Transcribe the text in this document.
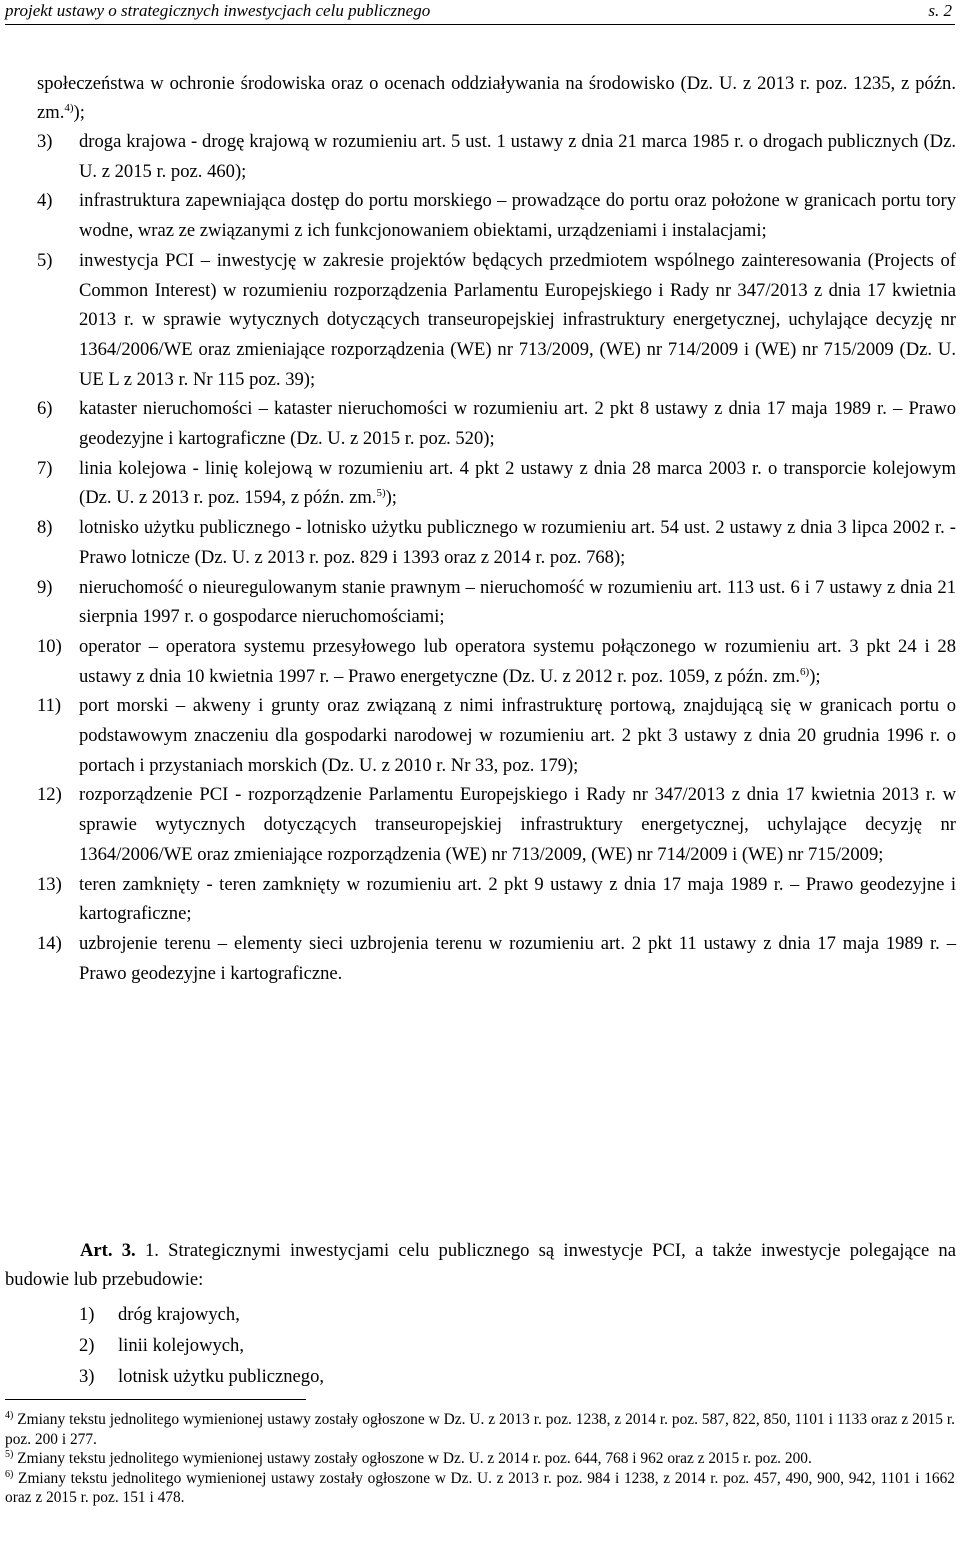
projekt ustawy o strategicznych inwestycjach celu publicznego	s. 2
społeczeństwa w ochronie środowiska oraz o ocenach oddziaływania na środowisko (Dz. U. z 2013 r. poz. 1235, z późn. zm.$^{4)}$);
3)	droga krajowa - drogę krajową w rozumieniu art. 5 ust. 1 ustawy z dnia 21 marca 1985 r. o drogach publicznych (Dz. U. z 2015 r. poz. 460);
4)	infrastruktura zapewniająca dostęp do portu morskiego – prowadzące do portu oraz położone w granicach portu tory wodne, wraz ze związanymi z ich funkcjonowaniem obiektami, urządzeniami i instalacjami;
5)	inwestycja PCI – inwestycję w zakresie projektów będących przedmiotem wspólnego zainteresowania (Projects of Common Interest) w rozumieniu rozporządzenia Parlamentu Europejskiego i Rady nr 347/2013 z dnia 17 kwietnia 2013 r. w sprawie wytycznych dotyczących transeuropejskiej infrastruktury energetycznej, uchylające decyzję nr 1364/2006/WE oraz zmieniające rozporządzenia (WE) nr 713/2009, (WE) nr 714/2009 i (WE) nr 715/2009 (Dz. U. UE L z 2013 r. Nr 115 poz. 39);
6)	kataster nieruchomości – kataster nieruchomości w rozumieniu art. 2 pkt 8 ustawy z dnia 17 maja 1989 r. – Prawo geodezyjne i kartograficzne (Dz. U. z 2015 r. poz. 520);
7)	linia kolejowa - linię kolejową w rozumieniu art. 4 pkt 2 ustawy z dnia 28 marca 2003 r. o transporcie kolejowym (Dz. U. z 2013 r. poz. 1594, z późn. zm.$^{5)}$);
8)	lotnisko użytku publicznego - lotnisko użytku publicznego w rozumieniu art. 54 ust. 2 ustawy z dnia 3 lipca 2002 r. - Prawo lotnicze (Dz. U. z 2013 r. poz. 829 i 1393 oraz z 2014 r. poz. 768);
9)	nieruchomość o nieuregulowanym stanie prawnym – nieruchomość w rozumieniu art. 113 ust. 6 i 7 ustawy z dnia 21 sierpnia 1997 r. o gospodarce nieruchomościami;
10) operator – operatora systemu przesyłowego lub operatora systemu połączonego w rozumieniu art. 3 pkt 24 i 28 ustawy z dnia 10 kwietnia 1997 r. – Prawo energetyczne (Dz. U. z 2012 r. poz. 1059, z późn. zm.$^{6)}$);
11) port morski – akweny i grunty oraz związaną z nimi infrastrukturę portową, znajdującą się w granicach portu o podstawowym znaczeniu dla gospodarki narodowej w rozumieniu art. 2 pkt 3 ustawy z dnia 20 grudnia 1996 r. o portach i przystaniach morskich (Dz. U. z 2010 r. Nr 33, poz. 179);
12) rozporządzenie PCI - rozporządzenie Parlamentu Europejskiego i Rady nr 347/2013 z dnia 17 kwietnia 2013 r. w sprawie wytycznych dotyczących transeuropejskiej infrastruktury energetycznej, uchylające decyzję nr 1364/2006/WE oraz zmieniające rozporządzenia (WE) nr 713/2009, (WE) nr 714/2009 i (WE) nr 715/2009;
13) teren zamknięty - teren zamknięty w rozumieniu art. 2 pkt 9 ustawy z dnia 17 maja 1989 r. – Prawo geodezyjne i kartograficzne;
14) uzbrojenie terenu – elementy sieci uzbrojenia terenu w rozumieniu art. 2 pkt 11 ustawy z dnia 17 maja 1989 r. – Prawo geodezyjne i kartograficzne.
Art. 3. 1. Strategicznymi inwestycjami celu publicznego są inwestycje PCI, a także inwestycje polegające na budowie lub przebudowie:
1)	dróg krajowych,
2)	linii kolejowych,
3)	lotnisk użytku publicznego,
$^{4)}$ Zmiany tekstu jednolitego wymienionej ustawy zostały ogłoszone w Dz. U. z 2013 r. poz. 1238, z 2014 r. poz. 587, 822, 850, 1101 i 1133 oraz z 2015 r. poz. 200 i 277.
$^{5)}$ Zmiany tekstu jednolitego wymienionej ustawy zostały ogłoszone w Dz. U. z 2014 r. poz. 644, 768 i 962 oraz z 2015 r. poz. 200.
$^{6)}$ Zmiany tekstu jednolitego wymienionej ustawy zostały ogłoszone w Dz. U. z 2013 r. poz. 984 i 1238, z 2014 r. poz. 457, 490, 900, 942, 1101 i 1662 oraz z 2015 r. poz. 151 i 478.
